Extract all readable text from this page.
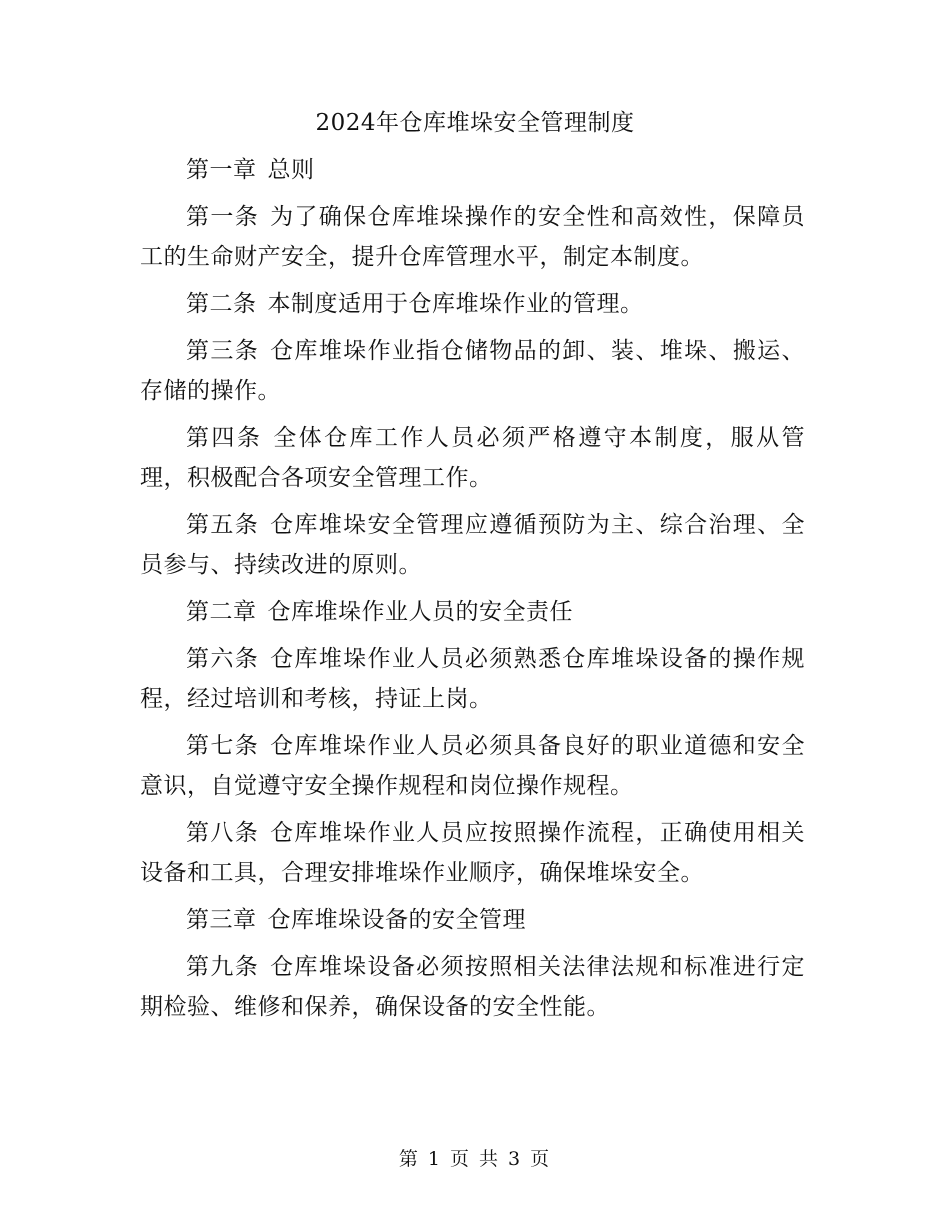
2024年仓库堆垛安全管理制度

第一章 总则

第一条 为了确保仓库堆垛操作的安全性和高效性，保障员工的生命财产安全，提升仓库管理水平，制定本制度。

第二条 本制度适用于仓库堆垛作业的管理。

第三条 仓库堆垛作业指仓储物品的卸、装、堆垛、搬运、存储的操作。

第四条 全体仓库工作人员必须严格遵守本制度，服从管理，积极配合各项安全管理工作。

第五条 仓库堆垛安全管理应遵循预防为主、综合治理、全员参与、持续改进的原则。

第二章 仓库堆垛作业人员的安全责任

第六条 仓库堆垛作业人员必须熟悉仓库堆垛设备的操作规程，经过培训和考核，持证上岗。

第七条 仓库堆垛作业人员必须具备良好的职业道德和安全意识，自觉遵守安全操作规程和岗位操作规程。

第八条 仓库堆垛作业人员应按照操作流程，正确使用相关设备和工具，合理安排堆垛作业顺序，确保堆垛安全。

第三章 仓库堆垛设备的安全管理

第九条 仓库堆垛设备必须按照相关法律法规和标准进行定期检验、维修和保养，确保设备的安全性能。

第 1 页 共 3 页
